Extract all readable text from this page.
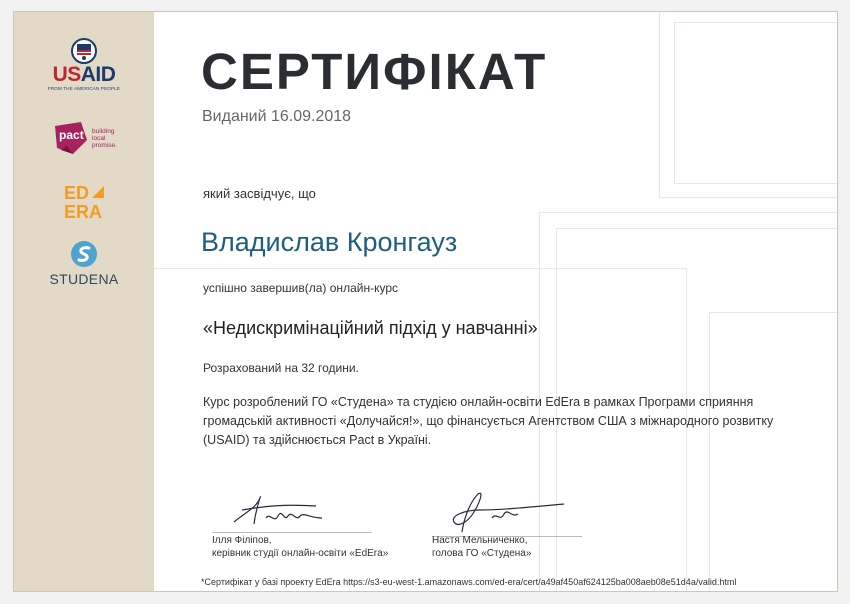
USAID
FROM THE AMERICAN PEOPLE
pact building
local
promise.
ED
ERA
STUDENA
СЕРТИФІКАТ
Виданий 16.09.2018
який засвідчує, що
Владислав Кронгауз
успішно завершив(ла) онлайн-курс
«Недискримінаційний підхід у навчанні»
Розрахований на 32 години.
Курс розроблений ГО «Студена» та студією онлайн-освіти EdEra в рамках Програми сприяння громадській активності «Долучайся!», що фінансується Агентством США з міжнародного розвитку (USAID) та здійснюється Pact в Україні.
Ілля Філіпов,
керівник студії онлайн-освіти «EdEra»
Настя Мельниченко,
голова ГО «Студена»
*Сертифікат у базі проекту EdEra https://s3-eu-west-1.amazonaws.com/ed-era/cert/a49af450af624125ba008aeb08e51d4a/valid.html
